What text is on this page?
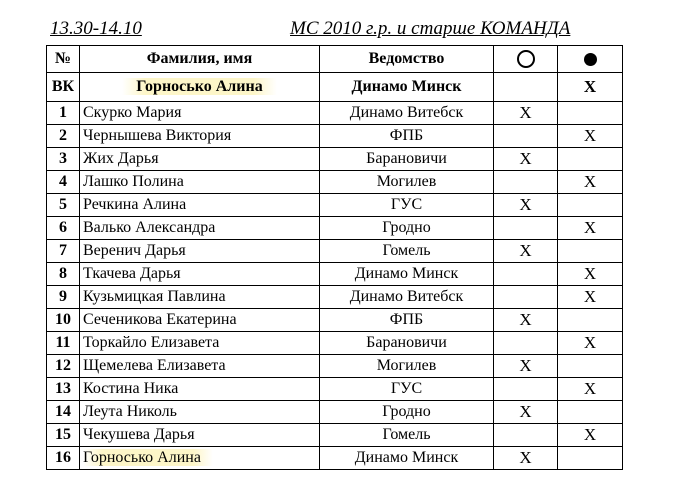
13.30-14.10	МС 2010 г.р. и старше КОМАНДА
№	Фамилия, имя	Ведомство		
ВК	Горносько Алина	Динамо Минск		X
1	Скурко Мария	Динамо Витебск	X	
2	Чернышева Виктория	ФПБ		X
3	Жих Дарья	Барановичи	X	
4	Лашко Полина	Могилев		X
5	Речкина Алина	ГУС	X	
6	Валько Александра	Гродно		X
7	Веренич Дарья	Гомель	X	
8	Ткачева Дарья	Динамо Минск		X
9	Кузьмицкая Павлина	Динамо Витебск		X
10	Сеченикова Екатерина	ФПБ	X	
11	Торкайло Елизавета	Барановичи		X
12	Щемелева Елизавета	Могилев	X	
13	Костина Ника	ГУС		X
14	Леута Николь	Гродно	X	
15	Чекушева Дарья	Гомель		X
16	Горносько Алина	Динамо Минск	X	
